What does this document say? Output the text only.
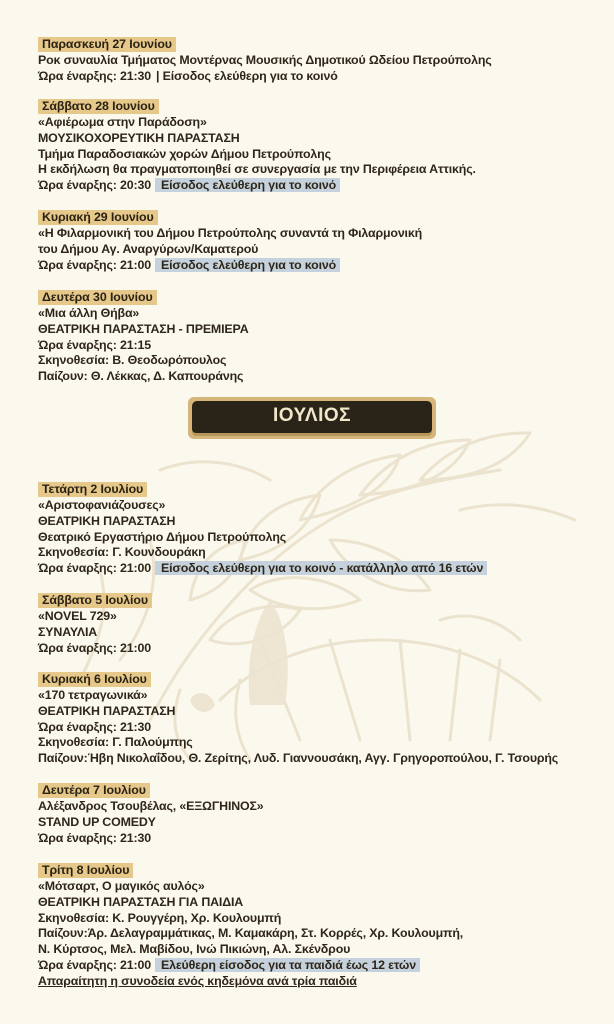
Παρασκευή 27 Ιουνίου
Ροκ συναυλία Τμήματος Μοντέρνας Μουσικής Δημοτικού Ωδείου Πετρούπολης
Ώρα έναρξης: 21:30 | Είσοδος ελεύθερη για το κοινό
Σάββατο 28 Ιουνίου
«Αφιέρωμα στην Παράδοση»
ΜΟΥΣΙΚΟΧΟΡΕΥΤΙΚΗ ΠΑΡΑΣΤΑΣΗ
Τμήμα Παραδοσιακών χορών Δήμου Πετρούπολης
Η εκδήλωση θα πραγματοποιηθεί σε συνεργασία με την Περιφέρεια Αττικής.
Ώρα έναρξης: 20:30 Είσοδος ελεύθερη για το κοινό
Κυριακή 29 Ιουνίου
«Η Φιλαρμονική του Δήμου Πετρούπολης συναντά τη Φιλαρμονική
του Δήμου Αγ. Αναργύρων/Καματερού
Ώρα έναρξης: 21:00 Είσοδος ελεύθερη για το κοινό
Δευτέρα 30 Ιουνίου
«Μια άλλη Θήβα»
ΘΕΑΤΡΙΚΗ ΠΑΡΑΣΤΑΣΗ - ΠΡΕΜΙΕΡΑ
Ώρα έναρξης: 21:15
Σκηνοθεσία: Β. Θεοδωρόπουλος
Παίζουν: Θ. Λέκκας, Δ. Καπουράνης
ΙΟΥΛΙΟΣ
Τετάρτη 2 Ιουλίου
«Αριστοφανιάζουσες»
ΘΕΑΤΡΙΚΗ ΠΑΡΑΣΤΑΣΗ
Θεατρικό Εργαστήριο Δήμου Πετρούπολης
Σκηνοθεσία: Γ. Κουνδουράκη
Ώρα έναρξης: 21:00 Είσοδος ελεύθερη για το κοινό - κατάλληλο από 16 ετών
Σάββατο 5 Ιουλίου
«NOVEL 729»
ΣΥΝΑΥΛΙΑ
Ώρα έναρξης: 21:00
Κυριακή 6 Ιουλίου
«170 τετραγωνικά»
ΘΕΑΤΡΙΚΗ ΠΑΡΑΣΤΑΣΗ
Ώρα έναρξης: 21:30
Σκηνοθεσία: Γ. Παλούμπης
Παίζουν:Ήβη Νικολαΐδου, Θ. Ζερίτης, Λυδ. Γιαννουσάκη, Αγγ. Γρηγοροπούλου, Γ. Τσουρής
Δευτέρα 7 Ιουλίου
Αλέξανδρος Τσουβέλας, «ΕΞΩΓΗΙΝΟΣ»
STAND UP COMEDY
Ώρα έναρξης: 21:30
Τρίτη 8 Ιουλίου
«Μότσαρτ, Ο μαγικός αυλός»
ΘΕΑΤΡΙΚΗ ΠΑΡΑΣΤΑΣΗ ΓΙΑ ΠΑΙΔΙΑ
Σκηνοθεσία: Κ. Ρουγγέρη, Χρ. Κουλουμπή
Παίζουν:Άρ. Δελαγραμμάτικας, Μ. Καμακάρη, Στ. Κορρές, Χρ. Κουλουμπή,
Ν. Κύρτσος, Μελ. Μαβίδου, Ινώ Πικιώνη, Αλ. Σκένδρου
Ώρα έναρξης: 21:00 Ελεύθερη είσοδος για τα παιδιά έως 12 ετών
Απαραίτητη η συνοδεία ενός κηδεμόνα ανά τρία παιδιά
